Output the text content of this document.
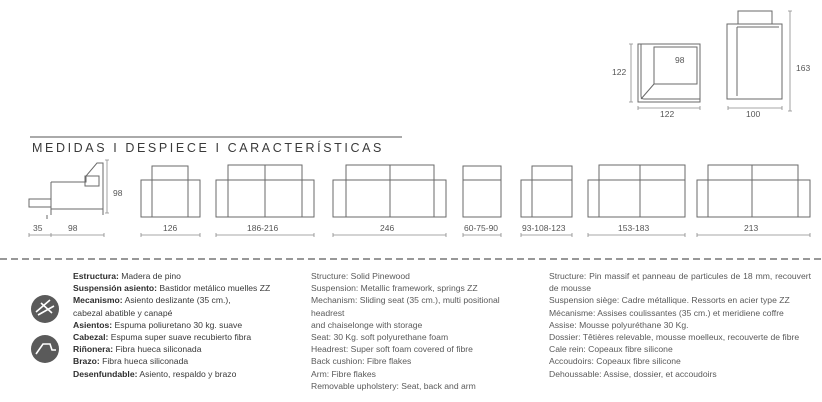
122
98
122
163
100
98
35	98	126	186-216	246	60-75-90	93-108-123	153-183	213
MEDIDAS I DESPIECE I CARACTERÍSTICAS
Estructura: Madera de pino
Suspensión asiento: Bastidor metálico muelles ZZ
Mecanismo: Asiento deslizante (35 cm.),
cabezal abatible y canapé
Asientos: Espuma poliuretano 30 kg. suave
Cabezal: Espuma super suave recubierto fibra
Riñonera: Fibra hueca siliconada
Brazo: Fibra hueca siliconada
Desenfundable: Asiento, respaldo y brazo
Structure: Solid Pinewood
Suspension: Metallic framework, springs ZZ
Mechanism: Sliding seat (35 cm.), multi positional
headrest
and chaiselonge with storage
Seat: 30 Kg. soft polyurethane foam
Headrest: Super soft foam covered of fibre
Back cushion: Fibre flakes
Arm: Fibre flakes
Removable upholstery: Seat, back and arm
Structure: Pin massif et panneau de particules de 18 mm, recouvert de mousse
Suspension siège: Cadre métallique. Ressorts en acier type ZZ
Mécanisme: Assises coulissantes (35 cm.) et meridiene coffre
Assise: Mousse polyuréthane 30 Kg.
Dossier: Têtières relevable, mousse moelleux, recouverte de fibre
Cale rein: Copeaux fibre silicone
Accoudoirs: Copeaux fibre silicone
Dehoussable: Assise, dossier, et accoudoirs
